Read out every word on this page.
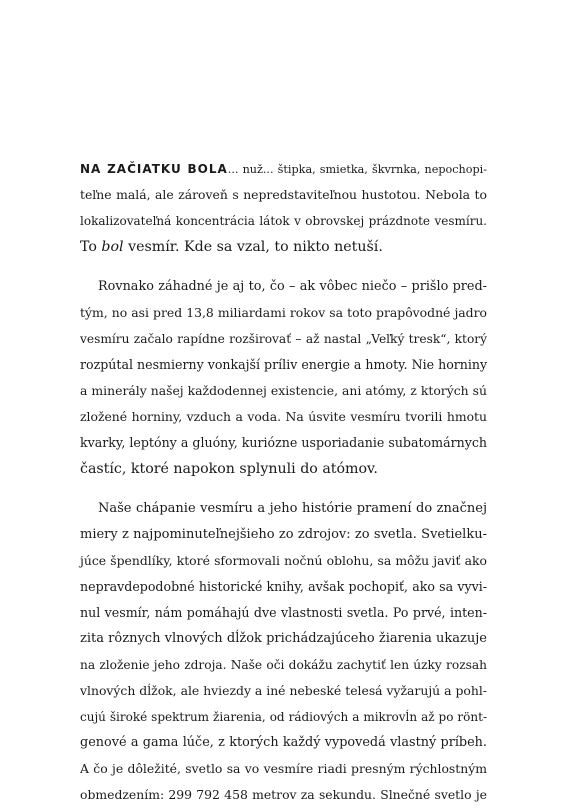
NA ZAČIATKU BOLA... nuž... štipka, smietka, škvrnka, nepochopi-
teľne malá, ale zároveň s nepredstaviteľnou hustotou. Nebola to
lokalizovateľná koncentrácia látok v obrovskej prázdnote vesmíru.
To bol vesmír. Kde sa vzal, to nikto netuší.
Rovnako záhadné je aj to, čo – ak vôbec niečo – prišlo pred-
tým, no asi pred 13,8 miliardami rokov sa toto prapôvodné jadro
vesmíru začalo rapídne rozširovať – až nastal „Veľký tresk“, ktorý
rozpútal nesmierny vonkajší príliv energie a hmoty. Nie horniny
a minerály našej každodennej existencie, ani atómy, z ktorých sú
zložené horniny, vzduch a voda. Na úsvite vesmíru tvorili hmotu
kvarky, leptóny a gluóny, kuriózne usporiadanie subatomárnych
častíc, ktoré napokon splynuli do atómov.
Naše chápanie vesmíru a jeho histórie pramení do značnej
miery z najpominuteľnejšieho zo zdrojov: zo svetla. Svetielku-
júce špendlíky, ktoré sformovali nočnú oblohu, sa môžu javiť ako
nepravdepodobné historické knihy, avšak pochopiť, ako sa vyvi-
nul vesmír, nám pomáhajú dve vlastnosti svetla. Po prvé, inten-
zita rôznych vlnových dĺžok prichádzajúceho žiarenia ukazuje
na zloženie jeho zdroja. Naše oči dokážu zachytiť len úzky rozsah
vlnových dĺžok, ale hviezdy a iné nebeské telesá vyžarujú a pohl-
cujú široké spektrum žiarenia, od rádiových a mikrovĺn až po rönt-
genové a gama lúče, z ktorých každý vypovedá vlastný príbeh.
A čo je dôležité, svetlo sa vo vesmíre riadi presným rýchlostným
obmedzením: 299 792 458 metrov za sekundu. Slnečné svetlo je
